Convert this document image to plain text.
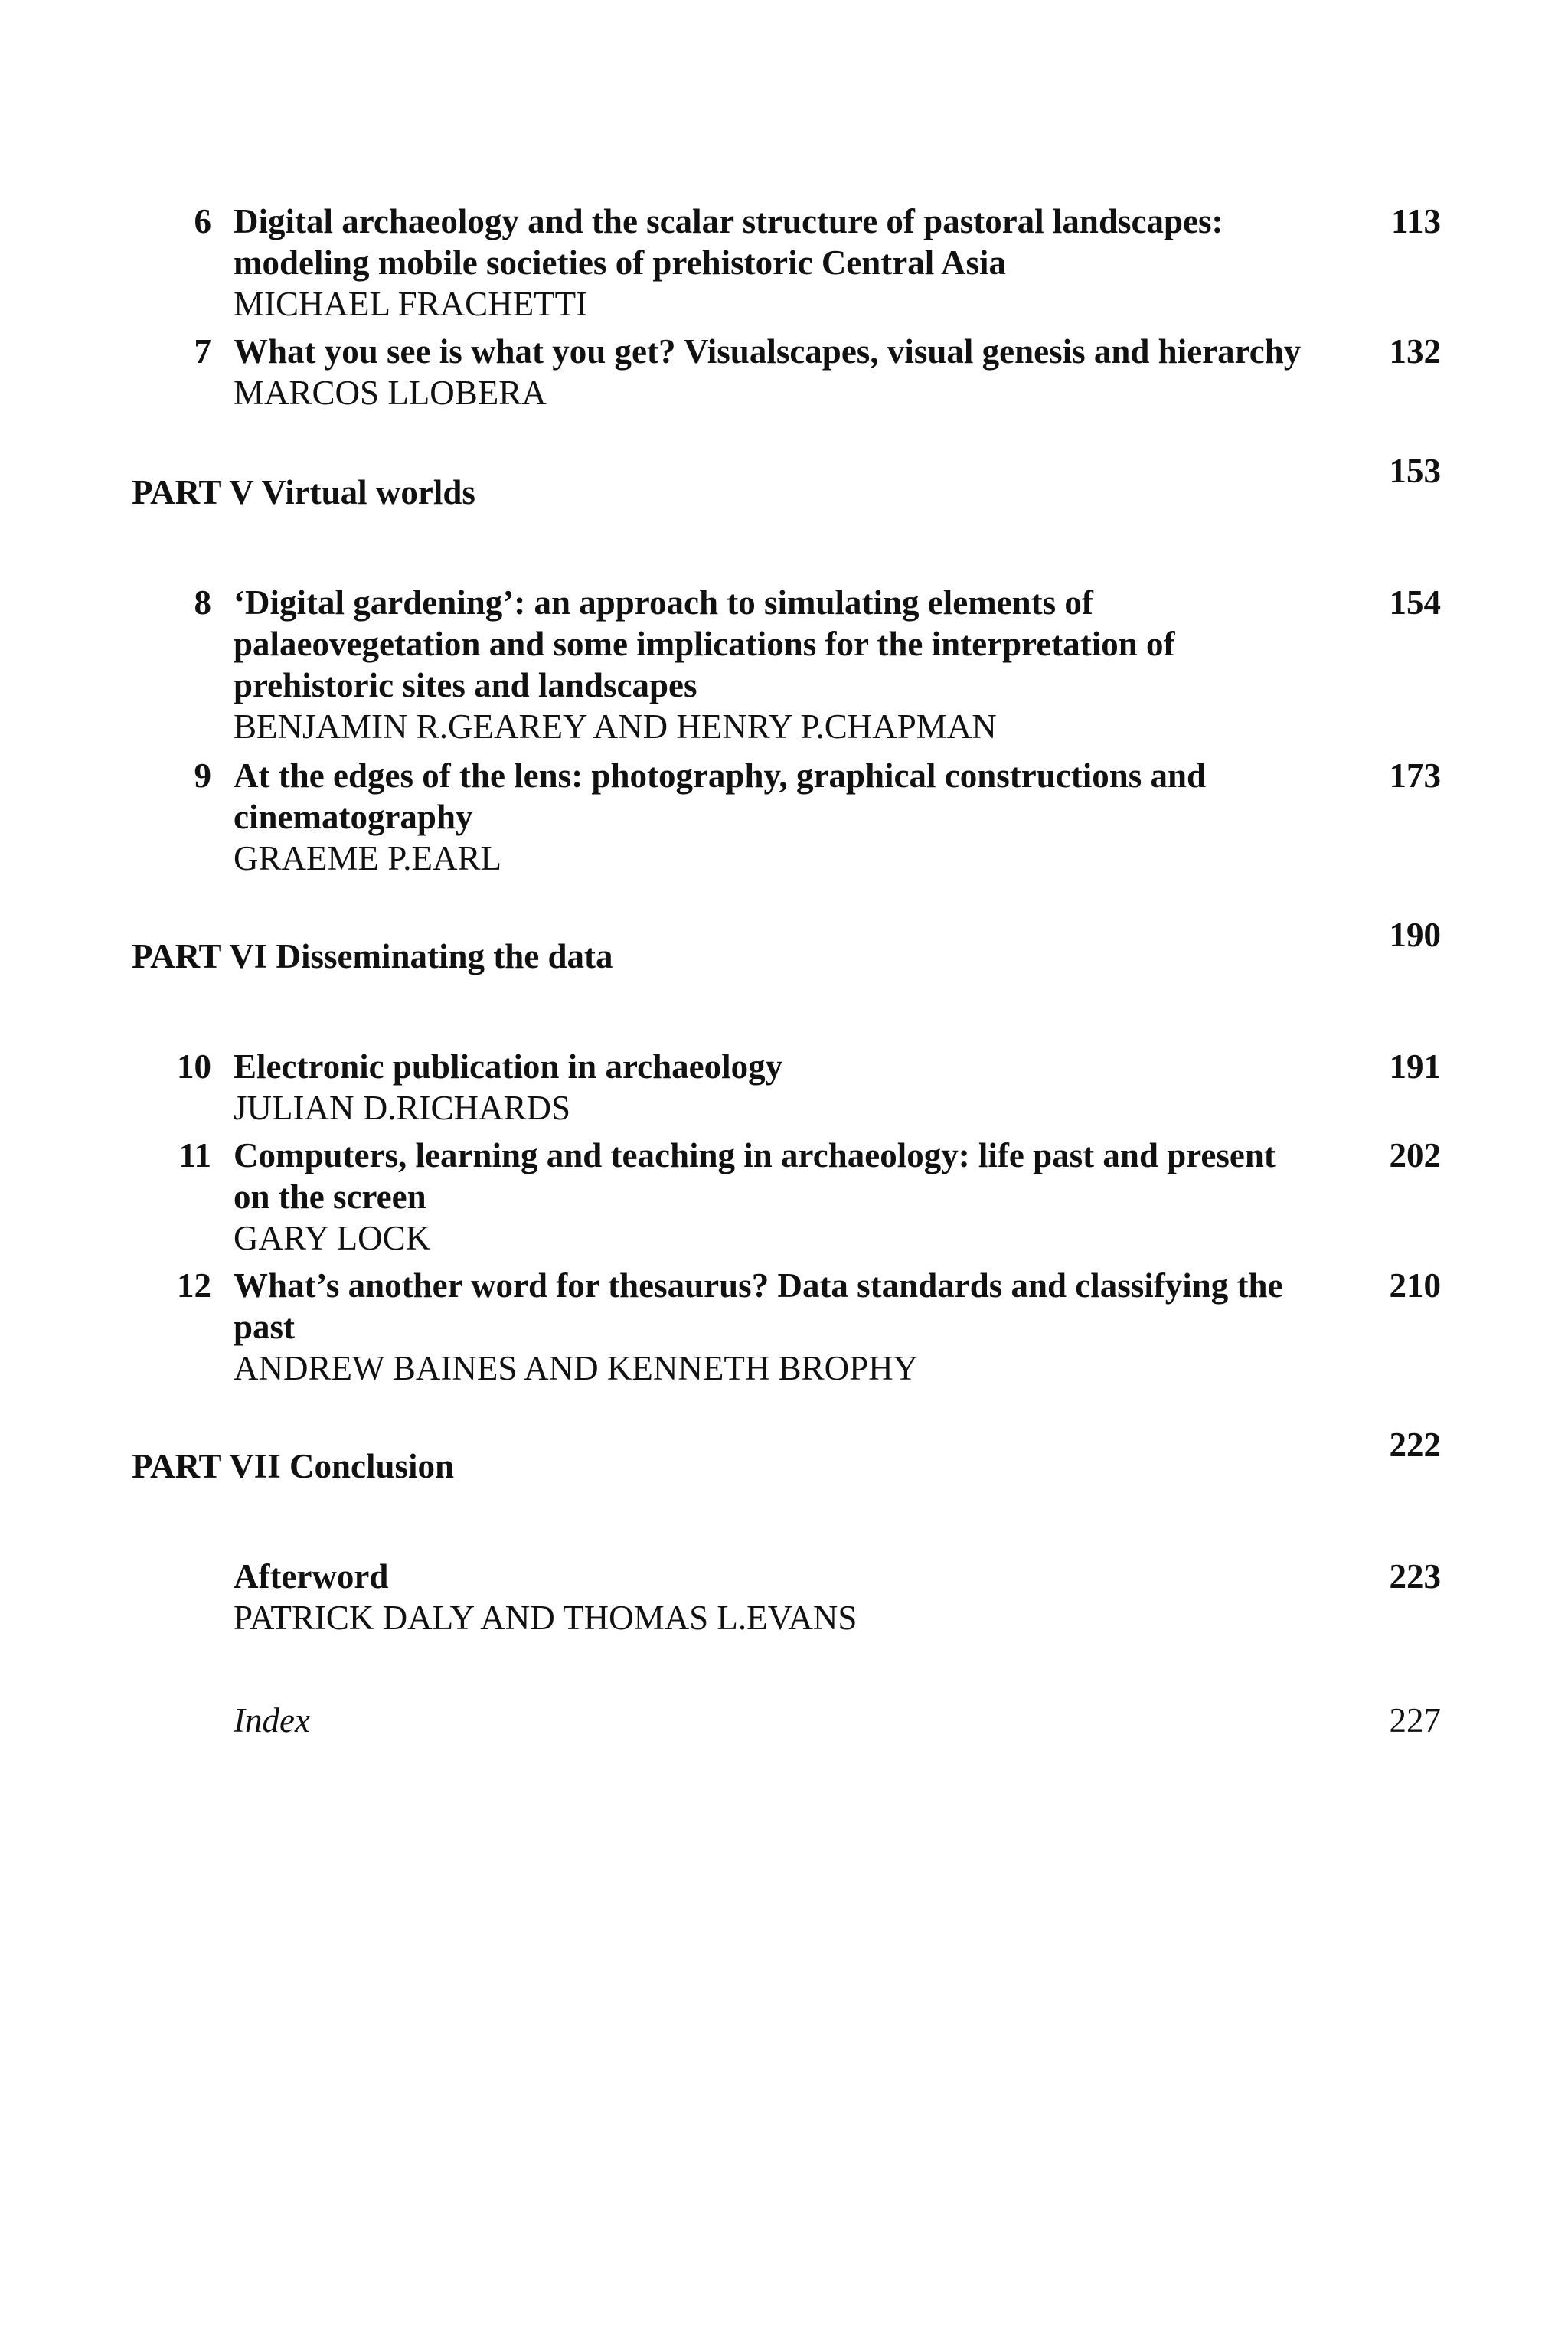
6 Digital archaeology and the scalar structure of pastoral landscapes:
modeling mobile societies of prehistoric Central Asia
MICHAEL FRACHETTI
113
7 What you see is what you get? Visualscapes, visual genesis and hierarchy
MARCOS LLOBERA
132
PART V Virtual worlds
153
8 ‘Digital gardening’: an approach to simulating elements of
palaeovegetation and some implications for the interpretation of
prehistoric sites and landscapes
BENJAMIN R.GEAREY AND HENRY P.CHAPMAN
154
9 At the edges of the lens: photography, graphical constructions and
cinematography
GRAEME P.EARL
173
PART VI Disseminating the data
190
10 Electronic publication in archaeology
JULIAN D.RICHARDS
191
11 Computers, learning and teaching in archaeology: life past and present
on the screen
GARY LOCK
202
12 What’s another word for thesaurus? Data standards and classifying the
past
ANDREW BAINES AND KENNETH BROPHY
210
PART VII Conclusion
222
Afterword
PATRICK DALY AND THOMAS L.EVANS
223
Index	227
